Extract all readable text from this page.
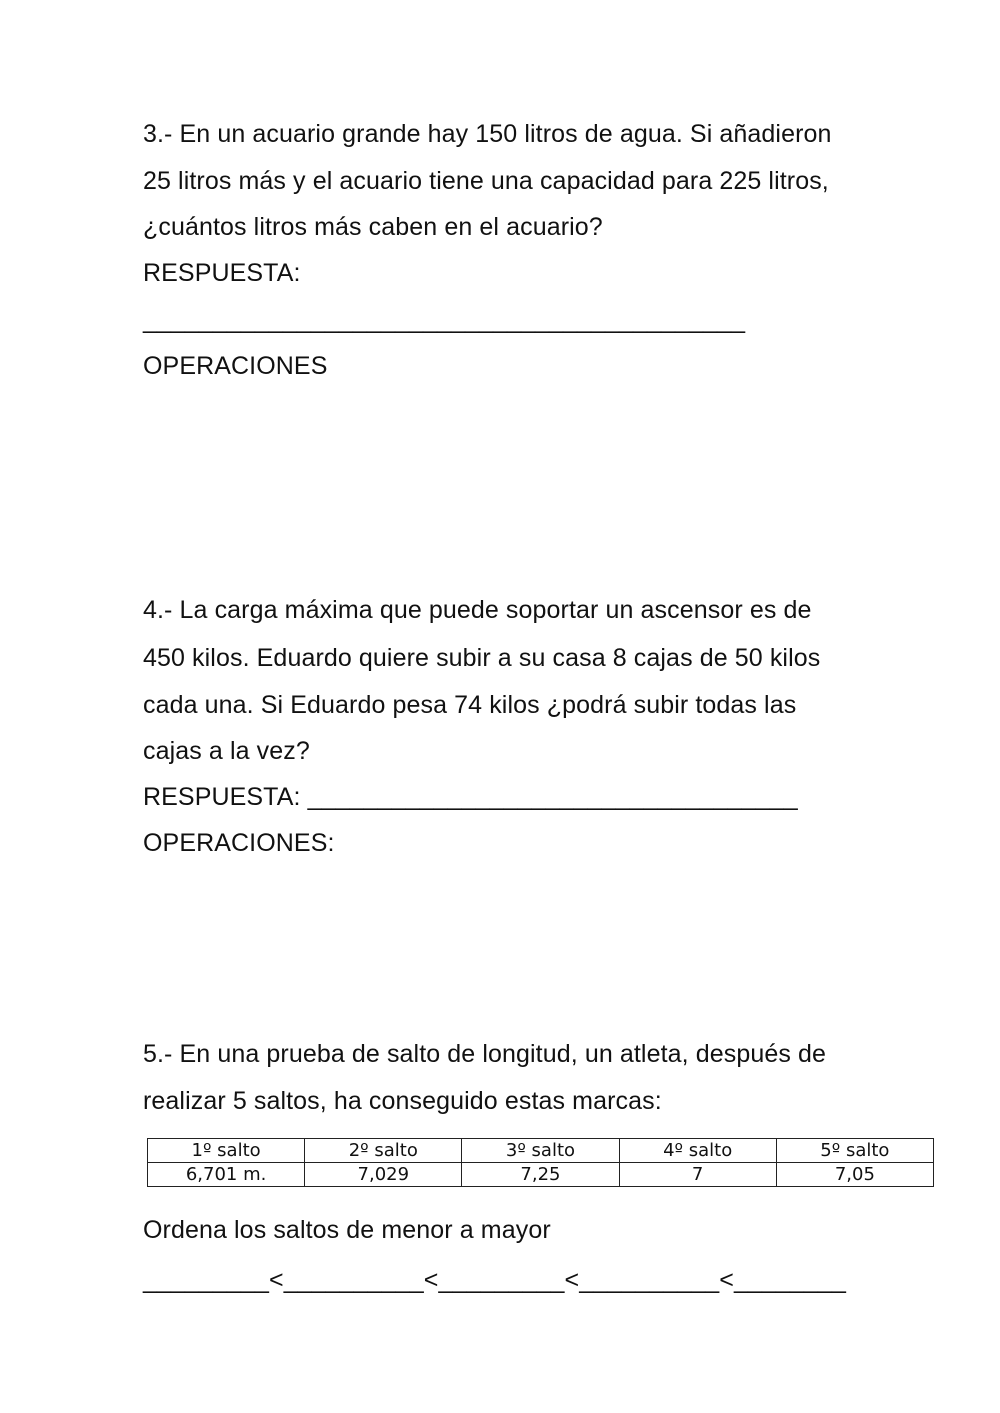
3.- En un acuario grande hay 150 litros de agua. Si añadieron
25 litros más y el acuario tiene una capacidad para 225 litros,
¿cuántos litros más caben en el acuario?
RESPUESTA:
___________________________________________
OPERACIONES
4.- La carga máxima que puede soportar un ascensor es de
450 kilos. Eduardo quiere subir a su casa 8 cajas de 50 kilos
cada una. Si Eduardo pesa 74 kilos ¿podrá subir todas las
cajas a la vez?
RESPUESTA: ___________________________________
OPERACIONES:
5.- En una prueba de salto de longitud, un atleta, después de
realizar 5 saltos, ha conseguido estas marcas:
1º salto	2º salto	3º salto	4º salto	5º salto
6,701 m.	7,029	7,25	7	7,05
Ordena los saltos de menor a mayor
_________<__________<_________<__________<________
